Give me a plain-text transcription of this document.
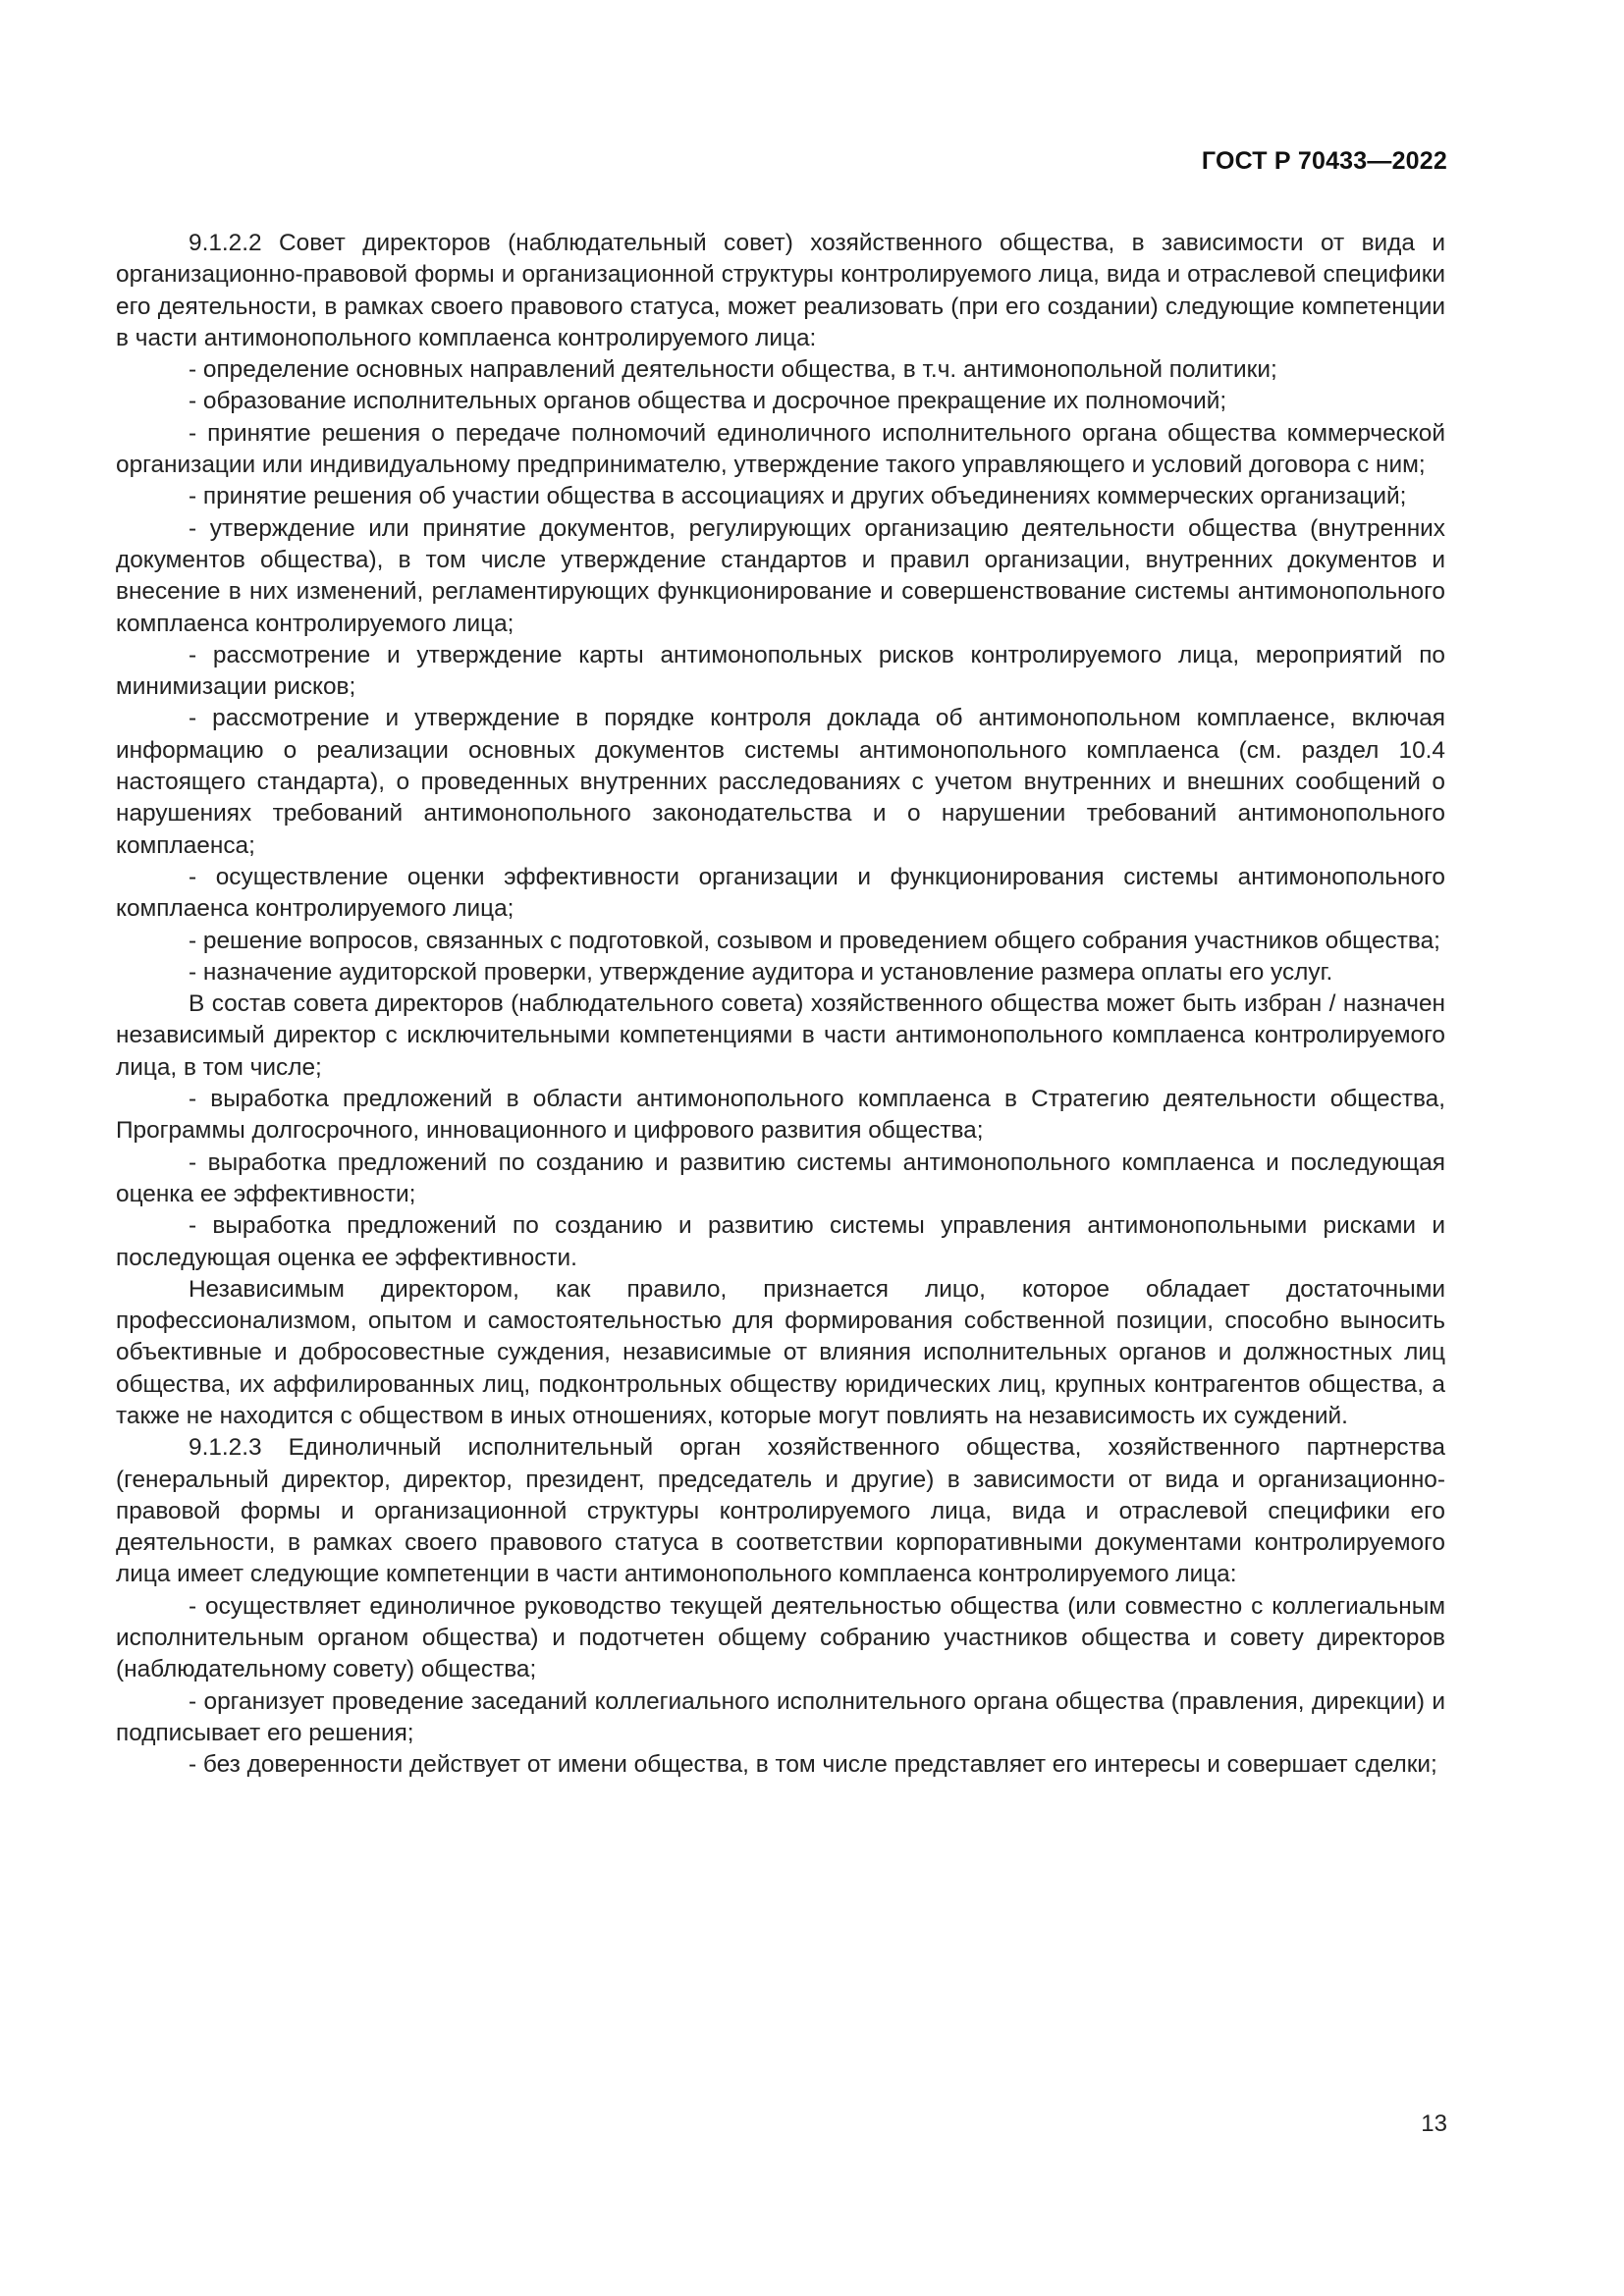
ГОСТ Р 70433—2022

9.1.2.2 Совет директоров (наблюдательный совет) хозяйственного общества, в зависимости от вида и организационно-правовой формы и организационной структуры контролируемого лица, вида и отраслевой специфики его деятельности, в рамках своего правового статуса, может реализовать (при его создании) следующие компетенции в части антимонопольного комплаенса контролируемого лица:

- определение основных направлений деятельности общества, в т.ч. антимонопольной политики;

- образование исполнительных органов общества и досрочное прекращение их полномочий;

- принятие решения о передаче полномочий единоличного исполнительного органа общества коммерческой организации или индивидуальному предпринимателю, утверждение такого управляющего и условий договора с ним;

- принятие решения об участии общества в ассоциациях и других объединениях коммерческих организаций;

- утверждение или принятие документов, регулирующих организацию деятельности общества (внутренних документов общества), в том числе утверждение стандартов и правил организации, внутренних документов и внесение в них изменений, регламентирующих функционирование и совершенствование системы антимонопольного комплаенса контролируемого лица;

- рассмотрение и утверждение карты антимонопольных рисков контролируемого лица, мероприятий по минимизации рисков;

- рассмотрение и утверждение в порядке контроля доклада об антимонопольном комплаенсе, включая информацию о реализации основных документов системы антимонопольного комплаенса (см. раздел 10.4 настоящего стандарта), о проведенных внутренних расследованиях с учетом внутренних и внешних сообщений о нарушениях требований антимонопольного законодательства и о нарушении требований антимонопольного комплаенса;

- осуществление оценки эффективности организации и функционирования системы антимонопольного комплаенса контролируемого лица;

- решение вопросов, связанных с подготовкой, созывом и проведением общего собрания участников общества;

- назначение аудиторской проверки, утверждение аудитора и установление размера оплаты его услуг.

В состав совета директоров (наблюдательного совета) хозяйственного общества может быть избран / назначен независимый директор с исключительными компетенциями в части антимонопольного комплаенса контролируемого лица, в том числе;

- выработка предложений в области антимонопольного комплаенса в Стратегию деятельности общества, Программы долгосрочного, инновационного и цифрового развития общества;

- выработка предложений по созданию и развитию системы антимонопольного комплаенса и последующая оценка ее эффективности;

- выработка предложений по созданию и развитию системы управления антимонопольными рисками и последующая оценка ее эффективности.

Независимым директором, как правило, признается лицо, которое обладает достаточными профессионализмом, опытом и самостоятельностью для формирования собственной позиции, способно выносить объективные и добросовестные суждения, независимые от влияния исполнительных органов и должностных лиц общества, их аффилированных лиц, подконтрольных обществу юридических лиц, крупных контрагентов общества, а также не находится с обществом в иных отношениях, которые могут повлиять на независимость их суждений.

9.1.2.3 Единоличный исполнительный орган хозяйственного общества, хозяйственного партнерства (генеральный директор, директор, президент, председатель и другие) в зависимости от вида и организационно-правовой формы и организационной структуры контролируемого лица, вида и отраслевой специфики его деятельности, в рамках своего правового статуса в соответствии корпоративными документами контролируемого лица имеет следующие компетенции в части антимонопольного комплаенса контролируемого лица:

- осуществляет единоличное руководство текущей деятельностью общества (или совместно с коллегиальным исполнительным органом общества) и подотчетен общему собранию участников общества и совету директоров (наблюдательному совету) общества;

- организует проведение заседаний коллегиального исполнительного органа общества (правления, дирекции) и подписывает его решения;

- без доверенности действует от имени общества, в том числе представляет его интересы и совершает сделки;

13
